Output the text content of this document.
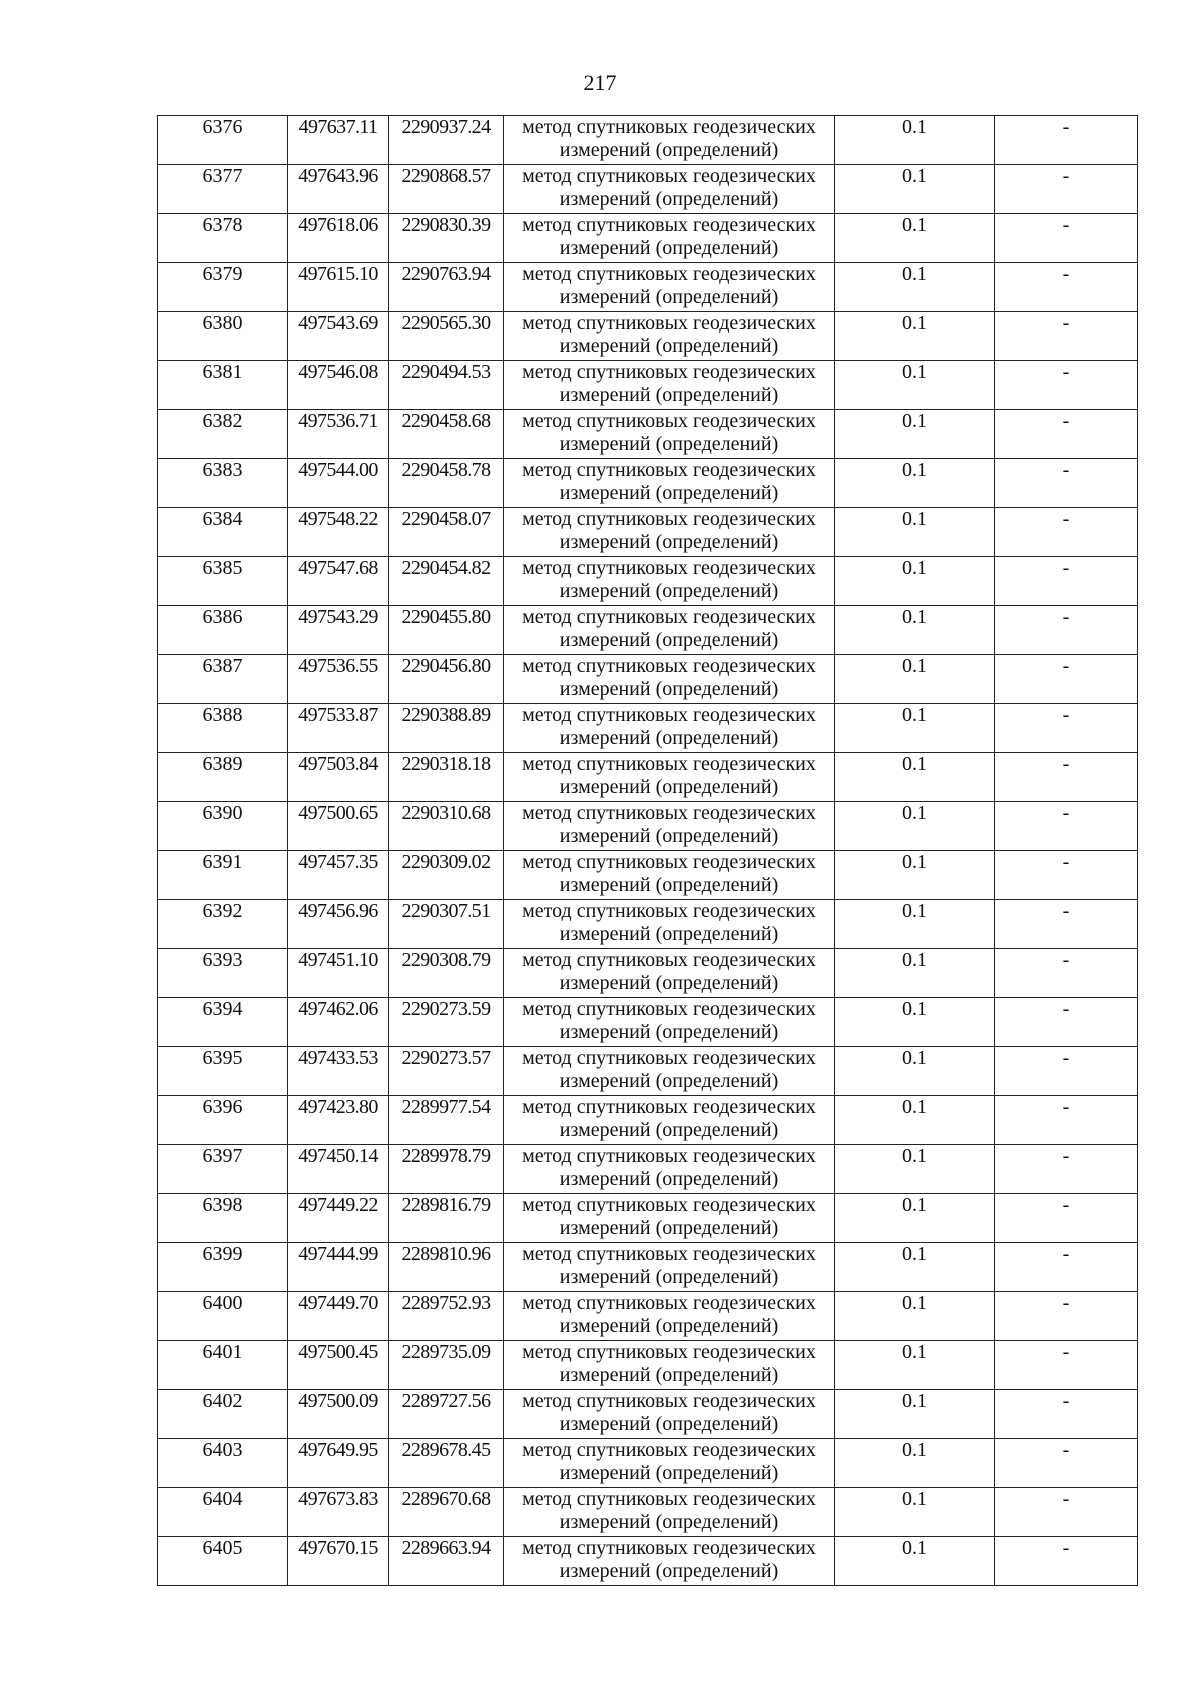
217
6376	497637.11	2290937.24	метод спутниковых геодезических
измерений (определений)	0.1	-
6377	497643.96	2290868.57	метод спутниковых геодезических
измерений (определений)	0.1	-
6378	497618.06	2290830.39	метод спутниковых геодезических
измерений (определений)	0.1	-
6379	497615.10	2290763.94	метод спутниковых геодезических
измерений (определений)	0.1	-
6380	497543.69	2290565.30	метод спутниковых геодезических
измерений (определений)	0.1	-
6381	497546.08	2290494.53	метод спутниковых геодезических
измерений (определений)	0.1	-
6382	497536.71	2290458.68	метод спутниковых геодезических
измерений (определений)	0.1	-
6383	497544.00	2290458.78	метод спутниковых геодезических
измерений (определений)	0.1	-
6384	497548.22	2290458.07	метод спутниковых геодезических
измерений (определений)	0.1	-
6385	497547.68	2290454.82	метод спутниковых геодезических
измерений (определений)	0.1	-
6386	497543.29	2290455.80	метод спутниковых геодезических
измерений (определений)	0.1	-
6387	497536.55	2290456.80	метод спутниковых геодезических
измерений (определений)	0.1	-
6388	497533.87	2290388.89	метод спутниковых геодезических
измерений (определений)	0.1	-
6389	497503.84	2290318.18	метод спутниковых геодезических
измерений (определений)	0.1	-
6390	497500.65	2290310.68	метод спутниковых геодезических
измерений (определений)	0.1	-
6391	497457.35	2290309.02	метод спутниковых геодезических
измерений (определений)	0.1	-
6392	497456.96	2290307.51	метод спутниковых геодезических
измерений (определений)	0.1	-
6393	497451.10	2290308.79	метод спутниковых геодезических
измерений (определений)	0.1	-
6394	497462.06	2290273.59	метод спутниковых геодезических
измерений (определений)	0.1	-
6395	497433.53	2290273.57	метод спутниковых геодезических
измерений (определений)	0.1	-
6396	497423.80	2289977.54	метод спутниковых геодезических
измерений (определений)	0.1	-
6397	497450.14	2289978.79	метод спутниковых геодезических
измерений (определений)	0.1	-
6398	497449.22	2289816.79	метод спутниковых геодезических
измерений (определений)	0.1	-
6399	497444.99	2289810.96	метод спутниковых геодезических
измерений (определений)	0.1	-
6400	497449.70	2289752.93	метод спутниковых геодезических
измерений (определений)	0.1	-
6401	497500.45	2289735.09	метод спутниковых геодезических
измерений (определений)	0.1	-
6402	497500.09	2289727.56	метод спутниковых геодезических
измерений (определений)	0.1	-
6403	497649.95	2289678.45	метод спутниковых геодезических
измерений (определений)	0.1	-
6404	497673.83	2289670.68	метод спутниковых геодезических
измерений (определений)	0.1	-
6405	497670.15	2289663.94	метод спутниковых геодезических
измерений (определений)	0.1	-
